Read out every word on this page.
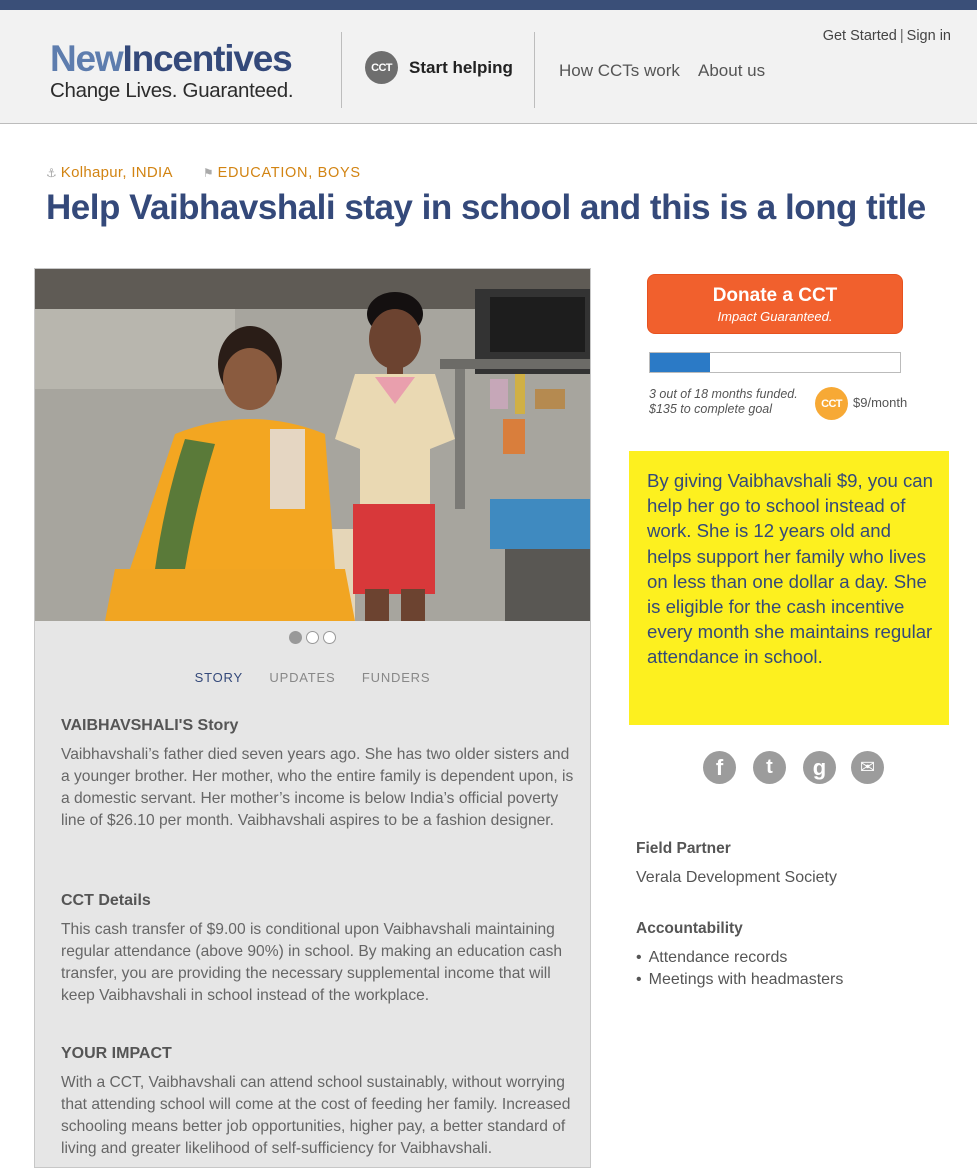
NewIncentives
Change Lives. Guaranteed.
CCT	Start helping	How CCTs work About us
Get Started | Sign in
⚓ Kolhapur, INDIA	⚑ EDUCATION, BOYS
Help Vaibhavshali stay in school and this is a long title
STORY UPDATES FUNDERS
VAIBHAVSHALI'S Story

Vaibhavshali’s father died seven years ago. She has two older sisters and a younger brother. Her mother, who the entire family is dependent upon, is a domestic servant. Her mother’s income is below India’s official poverty line of $26.10 per month. Vaibhavshali aspires to be a fashion designer.

CCT Details

This cash transfer of $9.00 is conditional upon Vaibhavshali maintaining regular attendance (above 90%) in school. By making an education cash transfer, you are providing the necessary supplemental income that will keep Vaibhavshali in school instead of the workplace.

YOUR IMPACT

With a CCT, Vaibhavshali can attend school sustainably, without worrying that attending school will come at the cost of feeding her family. Increased schooling means better job opportunities, higher pay, a better standard of living and greater likelihood of self-sufficiency for Vaibhavshali.

Donate a CCT
Impact Guaranteed.
3 out of 18 months funded.
$135 to complete goal	CCT $9/month
By giving Vaibhavshali $9, you can help her go to school instead of work. She is 12 years old and helps support her family who lives on less than one dollar a day. She is eligible for the cash incentive every month she maintains regular attendance in school.
f	t	g	✉
Field Partner
Verala Development Society
Accountability
• Attendance records
• Meetings with headmasters
